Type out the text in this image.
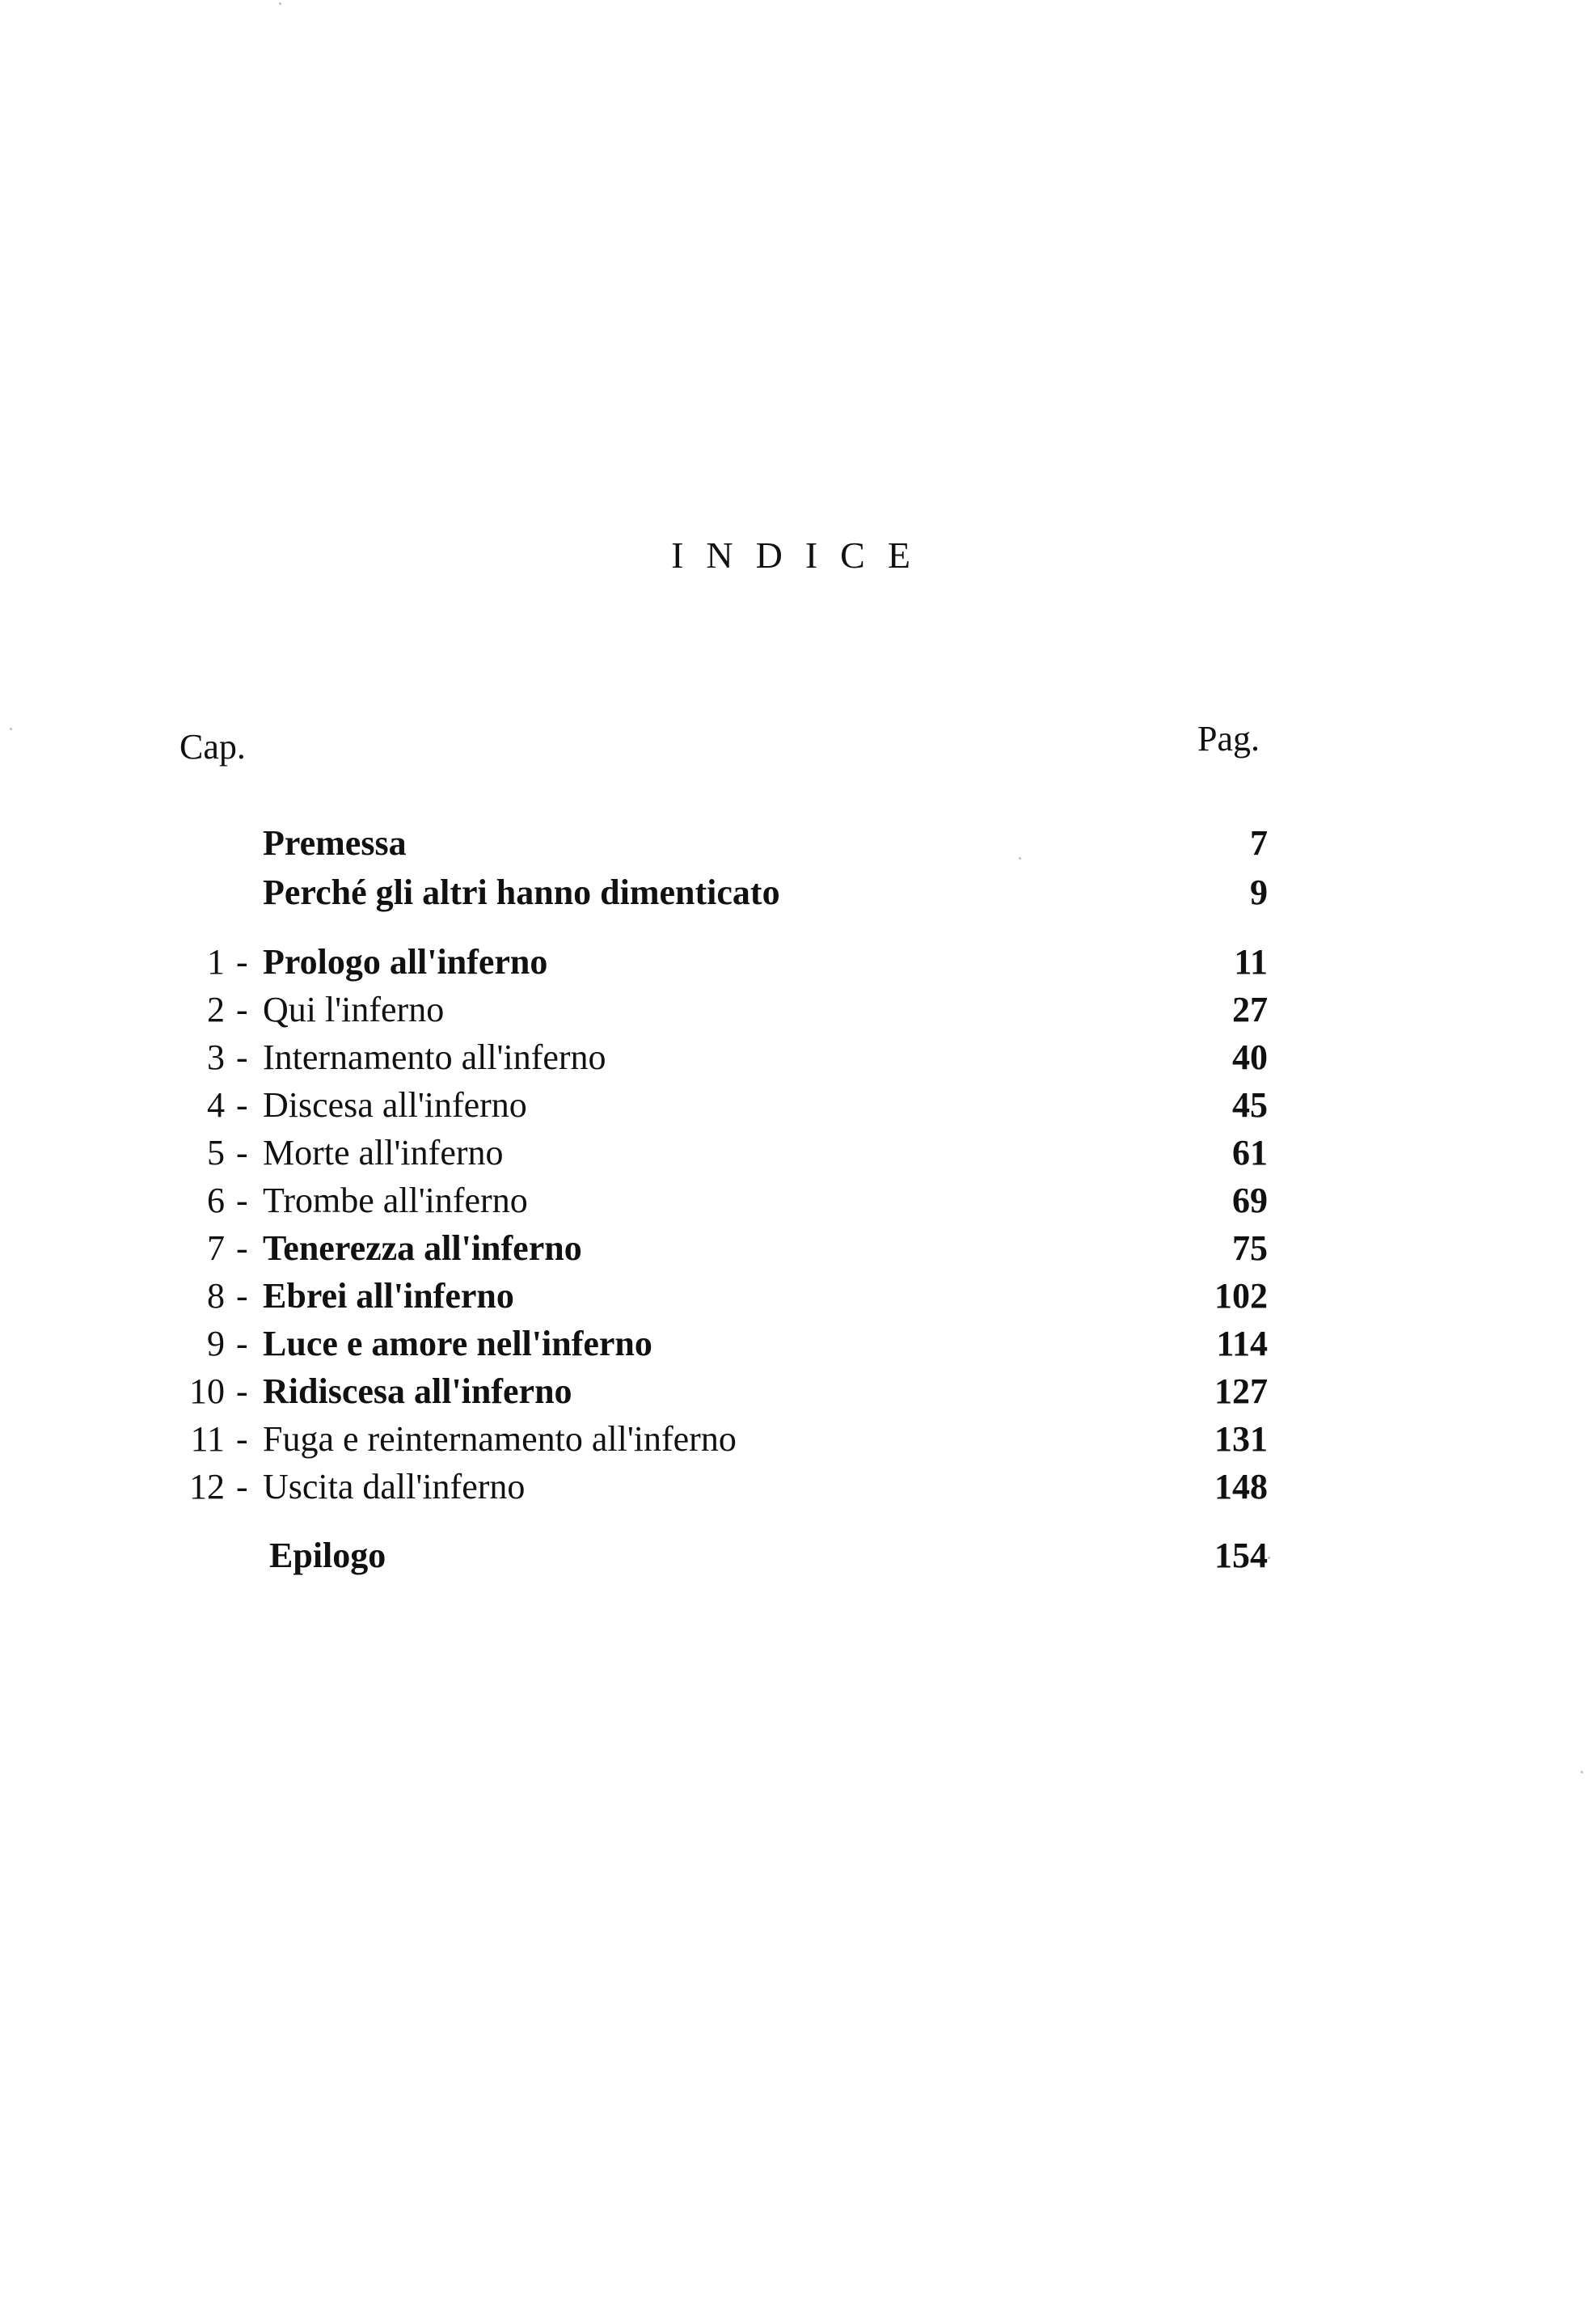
INDICE
Cap.	Pag.
Premessa	7
Perché gli altri hanno dimenticato	9
1 - Prologo all'inferno	11
2 - Qui l'inferno	27
3 - Internamento all'inferno	40
4 - Discesa all'inferno	45
5 - Morte all'inferno	61
6 - Trombe all'inferno	69
7 - Tenerezza all'inferno	75
8 - Ebrei all'inferno	102
9 - Luce e amore nell'inferno	114
10 - Ridiscesa all'inferno	127
11 - Fuga e reinternamento all'inferno	131
12 - Uscita dall'inferno	148
Epilogo	154
